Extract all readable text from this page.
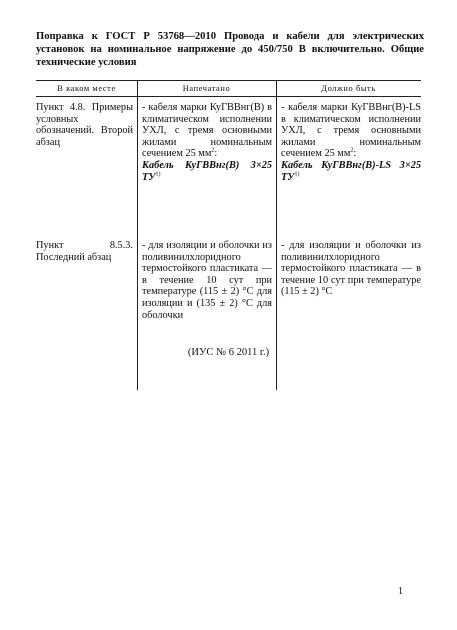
Поправка к ГОСТ Р 53768—2010 Провода и кабели для электрических установок на номинальное напряжение до 450/750 В включительно. Общие технические условия

В каком месте	Напечатано	Должно быть

Пункт 4.8. Примеры условных обозначений. Второй абзац

- кабеля марки КуГВВнг(В) в климатическом исполнении УХЛ, с тремя основными жилами номинальным сечением 25 $мм^2$:
Кабель КуГВВнг(В) 3×25 ТУ$^{1)}$
- кабеля марки КуГВВнг(В)-LS в климатическом исполнении УХЛ, с тремя основными жилами номинальным сечением 25 $мм^2$:
Кабель КуГВВнг(В)-LS 3×25 ТУ$^{1)}$

Пункт 8.5.3. Последний абзац

- для изоляции и оболочки из поливинилхлоридного термостойкого пластиката — в течение 10 сут при температуре (115 ± 2) °С для изоляции и (135 ± 2) °С для оболочки

- для изоляции и оболочки из поливинилхлоридного термостойкого пластиката — в течение 10 сут при температуре (115 ± 2) °С

(ИУС № 6 2011 г.)
1
